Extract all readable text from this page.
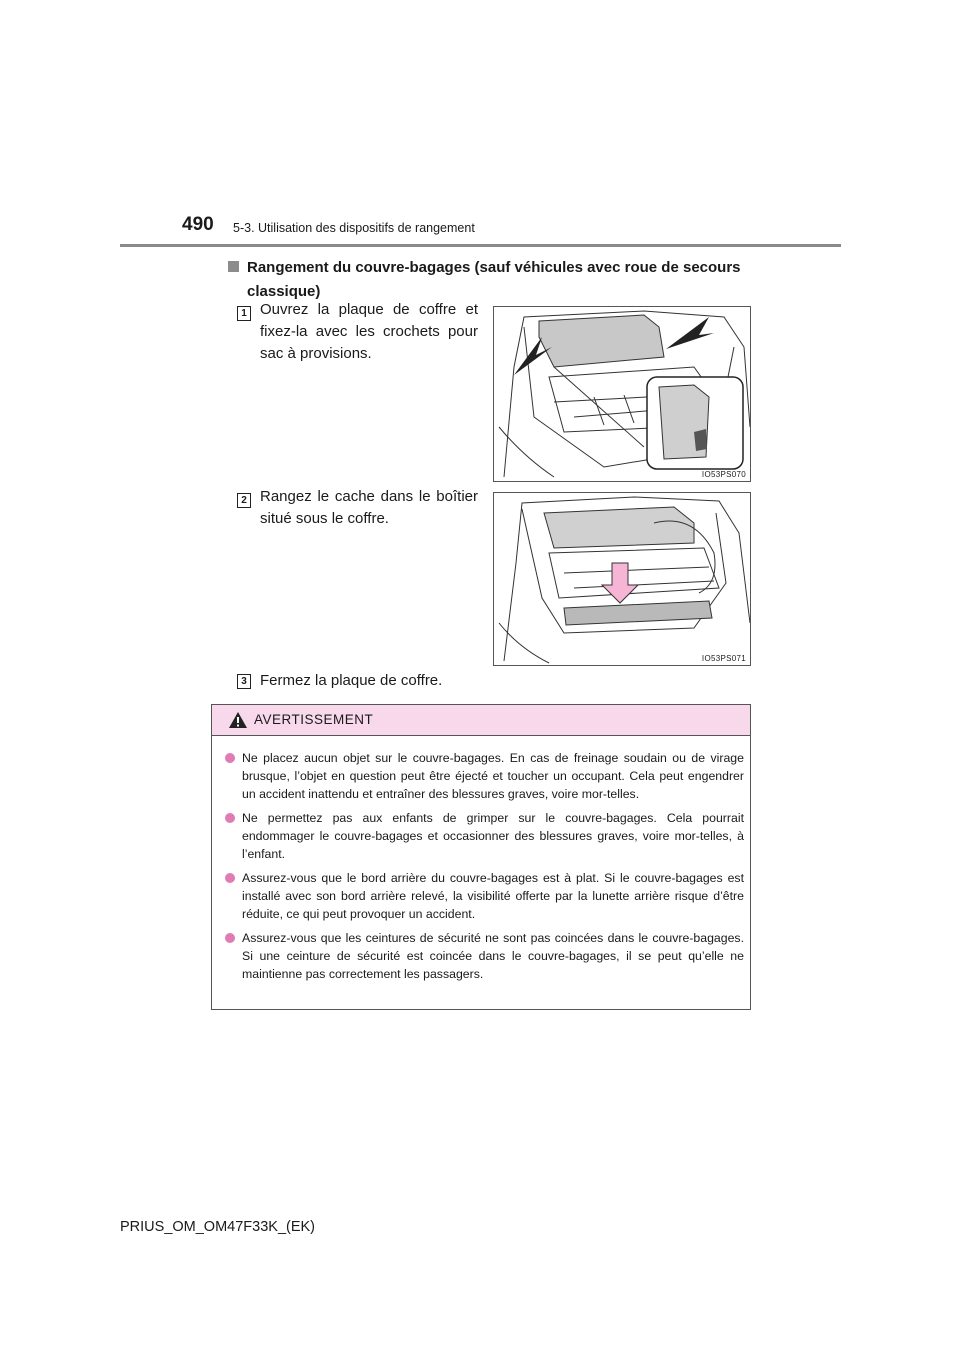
490 5-3. Utilisation des dispositifs de rangement
Rangement du couvre-bagages (sauf véhicules avec roue de secours
classique)
1 Ouvrez la plaque de coffre et fixez-la avec les crochets pour sac à provisions.
IO53PS070
2 Rangez le cache dans le boîtier situé sous le coffre.
IO53PS071
3 Fermez la plaque de coffre.
AVERTISSEMENT
Ne placez aucun objet sur le couvre-bagages. En cas de freinage soudain ou de virage brusque, l’objet en question peut être éjecté et toucher un occupant. Cela peut engendrer un accident inattendu et entraîner des blessures graves, voire mor-telles.
Ne permettez pas aux enfants de grimper sur le couvre-bagages. Cela pourrait endommager le couvre-bagages et occasionner des blessures graves, voire mor-telles, à l’enfant.
Assurez-vous que le bord arrière du couvre-bagages est à plat. Si le couvre-bagages est installé avec son bord arrière relevé, la visibilité offerte par la lunette arrière risque d’être réduite, ce qui peut provoquer un accident.
Assurez-vous que les ceintures de sécurité ne sont pas coincées dans le couvre-bagages. Si une ceinture de sécurité est coincée dans le couvre-bagages, il se peut qu’elle ne maintienne pas correctement les passagers.
PRIUS_OM_OM47F33K_(EK)
